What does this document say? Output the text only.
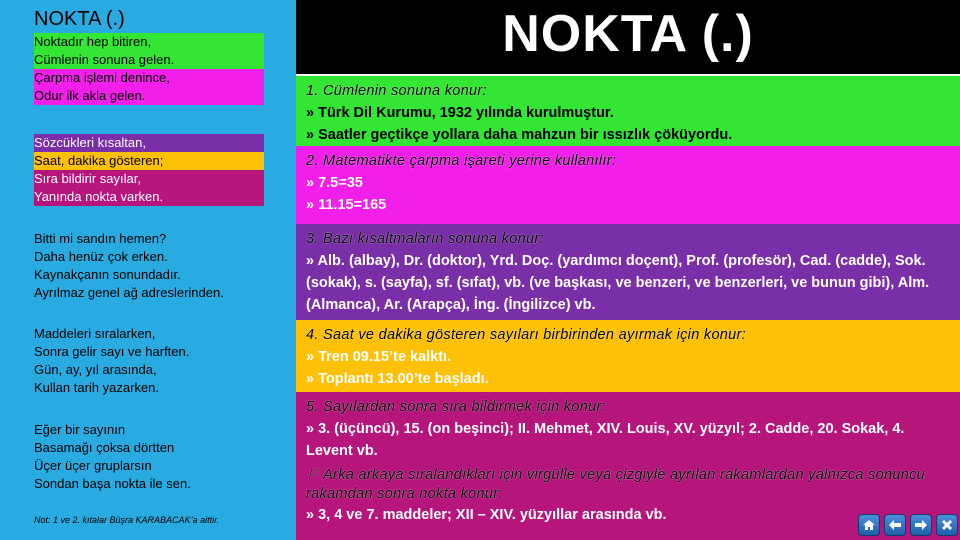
NOKTA (.)
Noktadır hep bitiren,
Cümlenin sonuna gelen.
Çarpma işlemi denince,
Odur ilk akla gelen.
Sözcükleri kısaltan,
Saat, dakika gösteren;
Sıra bildirir sayılar,
Yanında nokta varken.
Bitti mi sandın hemen?
Daha henüz çok erken.
Kaynakçanın sonundadır.
Ayrılmaz genel ağ adreslerinden.
Maddeleri sıralarken,
Sonra gelir sayı ve harften.
Gün, ay, yıl arasında,
Kullan tarih yazarken.
Eğer bir sayının
Basamağı çoksa dörtten
Üçer üçer gruplarsın
Sondan başa nokta ile sen.
Not: 1 ve 2. kıtalar Büşra KARABACAK’a aittir.
NOKTA (.)
1. Cümlenin sonuna konur:
» Türk Dil Kurumu, 1932 yılında kurulmuştur.
» Saatler geçtikçe yollara daha mahzun bir ıssızlık çöküyordu.
2. Matematikte çarpma işareti yerine kullanılır:
» 7.5=35
» 11.15=165
3. Bazı kısaltmaların sonuna konur:
» Alb. (albay), Dr. (doktor), Yrd. Doç. (yardımcı doçent), Prof. (profesör), Cad. (cadde), Sok. (sokak), s. (sayfa), sf. (sıfat), vb. (ve başkası, ve benzeri, ve benzerleri, ve bunun gibi), Alm. (Almanca), Ar. (Arapça), İng. (İngilizce) vb.
4. Saat ve dakika gösteren sayıları birbirinden ayırmak için konur:
» Tren 09.15’te kalktı.
» Toplantı 13.00’te başladı.
5. Sayılardan sonra sıra bildirmek için konur:
» 3. (üçüncü), 15. (on beşinci); II. Mehmet, XIV. Louis, XV. yüzyıl; 2. Cadde, 20. Sokak, 4. Levent vb.
⚐ Arka arkaya sıralandıkları için virgülle veya çizgiyle ayrılan rakamlardan yalnızca sonuncu rakamdan sonra nokta konur:
» 3, 4 ve 7. maddeler; XII – XIV. yüzyıllar arasında vb.
